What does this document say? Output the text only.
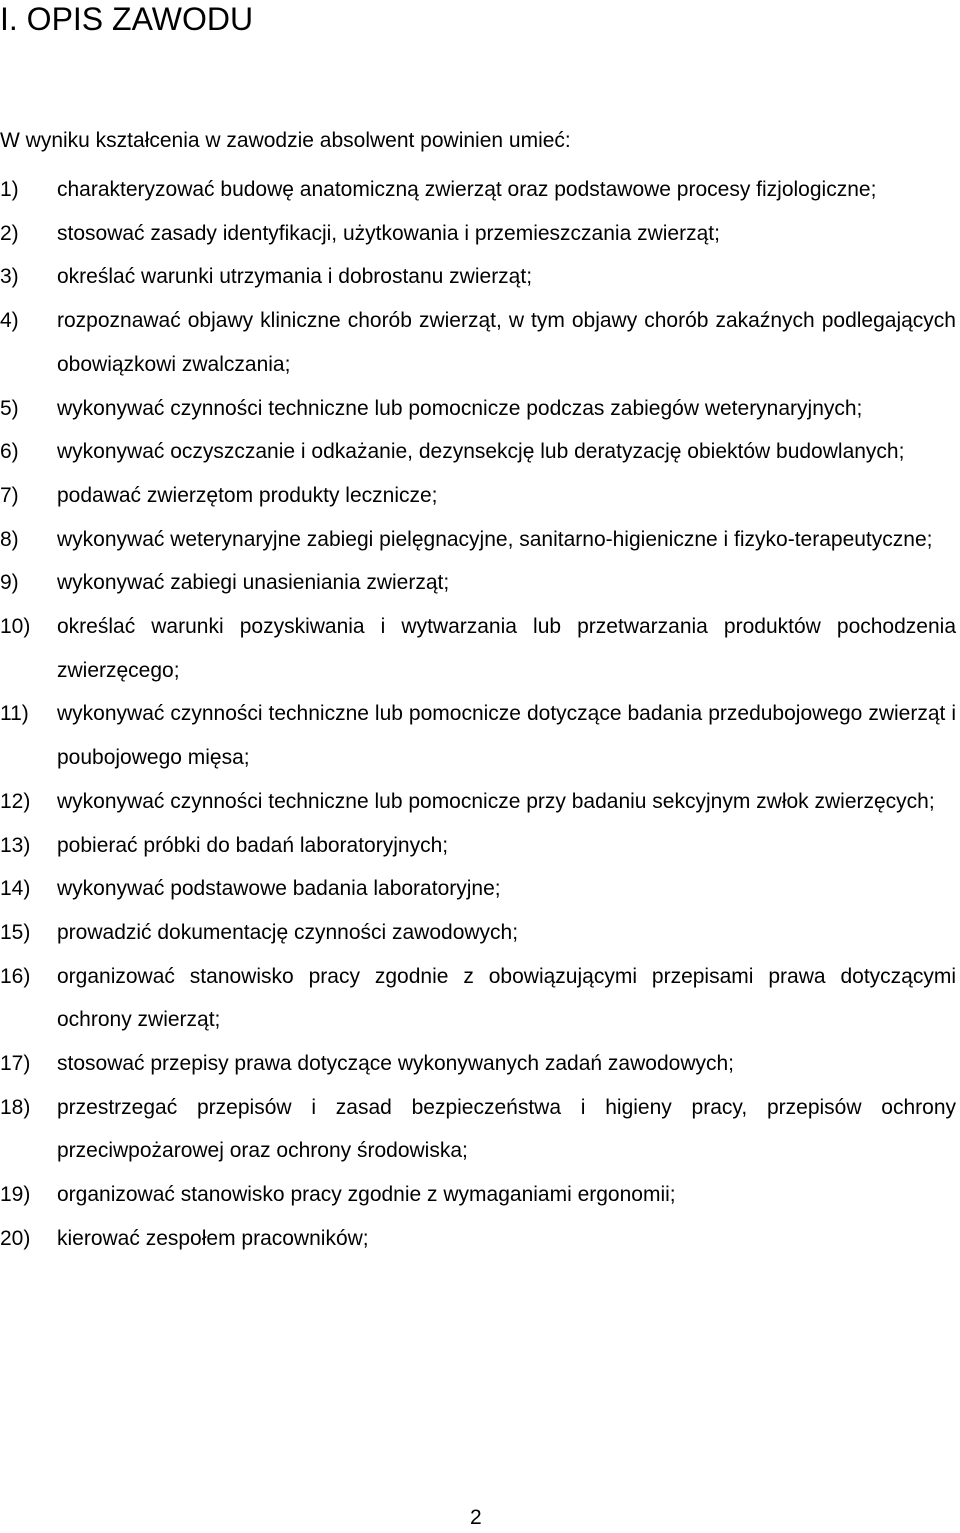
I. OPIS ZAWODU
W wyniku kształcenia w zawodzie absolwent powinien umieć:
1)	charakteryzować budowę anatomiczną zwierząt oraz podstawowe procesy fizjologiczne;
2)	stosować zasady identyfikacji, użytkowania i przemieszczania zwierząt;
3)	określać warunki utrzymania i dobrostanu zwierząt;
4)	rozpoznawać objawy kliniczne chorób zwierząt, w tym objawy chorób zakaźnych podlegających obowiązkowi zwalczania;
5)	wykonywać czynności techniczne lub pomocnicze podczas zabiegów weterynaryjnych;
6)	wykonywać oczyszczanie i odkażanie, dezynsekcję lub deratyzację obiektów budowlanych;
7)	podawać zwierzętom produkty lecznicze;
8)	wykonywać weterynaryjne zabiegi pielęgnacyjne, sanitarno-higieniczne i fizyko-terapeutyczne;
9)	wykonywać zabiegi unasieniania zwierząt;
10)	określać warunki pozyskiwania i wytwarzania lub przetwarzania produktów pochodzenia zwierzęcego;
11)	wykonywać czynności techniczne lub pomocnicze dotyczące badania przedubojowego zwierząt i poubojowego mięsa;
12)	wykonywać czynności techniczne lub pomocnicze przy badaniu sekcyjnym zwłok zwierzęcych;
13)	pobierać próbki do badań laboratoryjnych;
14)	wykonywać podstawowe badania laboratoryjne;
15)	prowadzić dokumentację czynności zawodowych;
16)	organizować stanowisko pracy zgodnie z obowiązującymi przepisami prawa dotyczącymi ochrony zwierząt;
17)	stosować przepisy prawa dotyczące wykonywanych zadań zawodowych;
18)	przestrzegać przepisów i zasad bezpieczeństwa i higieny pracy, przepisów ochrony przeciwpożarowej oraz ochrony środowiska;
19)	organizować stanowisko pracy zgodnie z wymaganiami ergonomii;
20)	kierować zespołem pracowników;
2
